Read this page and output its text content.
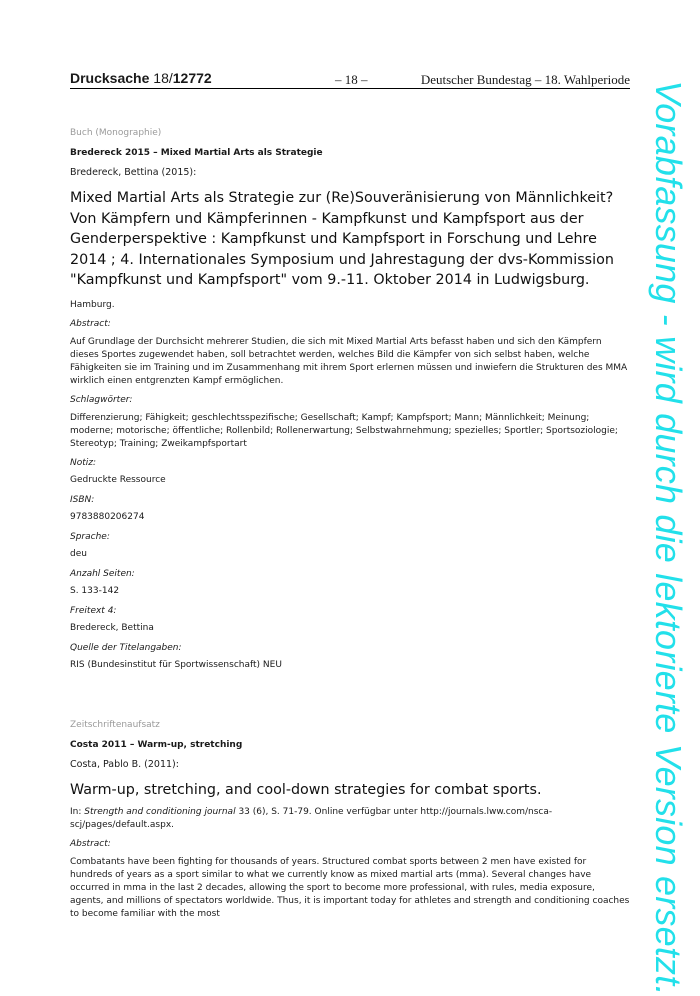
Drucksache 18/12772	– 18 –	Deutscher Bundestag – 18. Wahlperiode
Vorabfassung - wird durch die lektorierte Version ersetzt.
Buch (Monographie)
Bredereck 2015 – Mixed Martial Arts als Strategie
Bredereck, Bettina (2015):
Mixed Martial Arts als Strategie zur (Re)Souveränisierung von Männlichkeit? Von Kämpfern und Kämpferinnen - Kampfkunst und Kampfsport aus der Genderperspektive : Kampfkunst und Kampfsport in Forschung und Lehre 2014 ; 4. Internationales Symposium und Jahrestagung der dvs-Kommission "Kampfkunst und Kampfsport" vom 9.-11. Oktober 2014 in Ludwigsburg.
Hamburg.
Abstract:
Auf Grundlage der Durchsicht mehrerer Studien, die sich mit Mixed Martial Arts befasst haben und sich den Kämpfern dieses Sportes zugewendet haben, soll betrachtet werden, welches Bild die Kämpfer von sich selbst haben, welche Fähigkeiten sie im Training und im Zusammenhang mit ihrem Sport erlernen müssen und inwiefern die Strukturen des MMA wirklich einen entgrenzten Kampf ermöglichen.
Schlagwörter:
Differenzierung; Fähigkeit; geschlechtsspezifische; Gesellschaft; Kampf; Kampfsport; Mann; Männlichkeit; Meinung; moderne; motorische; öffentliche; Rollenbild; Rollenerwartung; Selbstwahrnehmung; spezielles; Sportler; Sportsoziologie; Stereotyp; Training; Zweikampfsportart
Notiz:
Gedruckte Ressource
ISBN:
9783880206274
Sprache:
deu
Anzahl Seiten:
S. 133-142
Freitext 4:
Bredereck, Bettina
Quelle der Titelangaben:
RIS (Bundesinstitut für Sportwissenschaft) NEU
Zeitschriftenaufsatz
Costa 2011 – Warm-up, stretching
Costa, Pablo B. (2011):
Warm-up, stretching, and cool-down strategies for combat sports.
In: Strength and conditioning journal 33 (6), S. 71-79. Online verfügbar unter http://journals.lww.com/nsca-scj/pages/default.aspx.
Abstract:
Combatants have been fighting for thousands of years. Structured combat sports between 2 men have existed for hundreds of years as a sport similar to what we currently know as mixed martial arts (mma). Several changes have occurred in mma in the last 2 decades, allowing the sport to become more professional, with rules, media exposure, agents, and millions of spectators worldwide. Thus, it is important today for athletes and strength and conditioning coaches to become familiar with the most
